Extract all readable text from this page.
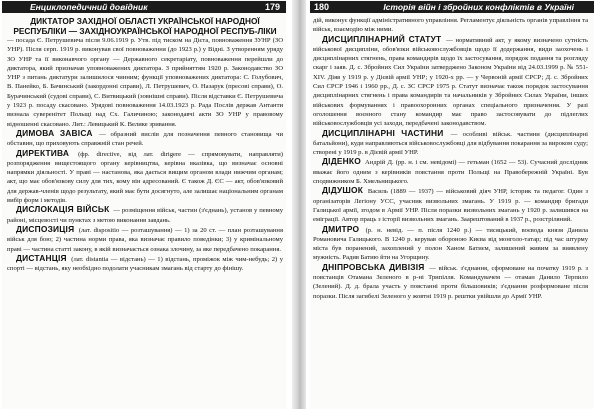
Енциклопедичний довідник	179
ДИКТАТОР ЗАХІДНОЇ ОБЛАСТІ УКРАЇНСЬКОЇ НАРОДНОЇ РЕСПУБЛІКИ — ЗАХІДНОУКРАЇНСЬКОЇ НАРОДНОЇ РЕСПУБ-ЛІКИ

— посада Є. Петрушевича після 9.06.1919 р. Утв. під тиском на Дієта, повноваження ЗУНР (ЗО УНР). Після серп. 1919 р. виконував свої повноваження (до 1923 р.) у Відні. З утворенням уряду ЗО УНР та її виконавчого органу — Державного секретаріату, повноваження перейшли до диктатора, який призначав уповноважених диктатора. З прийняттям 1920 р. Законодавство ЗО УНР з питань диктатури залишилося чинним; функції уповноважених диктатора: С. Голубович, В. Панейко, Б. Бачинський (закордонні справи), Л. Петрушевич, О. Назарук (пресові справи), О. Бурачинський (судові справи), С. Витвицький (зовнішні справи). Після відставки Є. Петрушевича у 1923 р. посаду скасовано. Урядові повноваження 14.03.1923 р. Рада Послів держав Антанти визнала суверенітет Польщі над Сх. Галичиною; законодавчі акти ЗО УНР у правовому відношенні скасовано. Лит.: Левицький К. Велике зривання.

ДИМОВА ЗАВІСА — образний вислів для позначення певного становища чи обставин, що приховують справжній стан речей.

ДИРЕКТИВА (фр. directive, від лат. dirigere — спрямовувати, направляти) розпорядження вищестоящого органу керівництва, керівна вказівка, що визначає основні напрямки діяльності. У праві — настанова, яка дається вищим органом влади нижчим органам; акт, що має обов'язкову силу для тих, кому він адресований. Є також Д. ЄС — акт, обов'язковий для держав-членів щодо результату, який має бути досягнуто, але залишає національним органам вибір форм і методів.

ДИСЛОКАЦІЯ ВІЙСЬК — розміщення військ, частин (з'єднань), установ у певному районі, місцевості чи пунктах з метою виконання завдань.

ДИСПОЗИЦІЯ (лат. dispositio — розташування) — 1) за 20 ст. — план розташування військ для бою; 2) частина норми права, яка визначає правило поведінки; 3) у кримінальному праві — частина статті закону, в якій визначається ознака злочину, за яке передбачено покарання.

ДИСТАНЦІЯ (лат. distantia — відстань) — 1) відстань, проміжок між чим-небудь; 2) у спорті — відстань, яку необхідно подолати учасникам змагань від старту до фінішу.

180	Історія війн і збройних конфліктів в Україні

дій, виконує функції адміністративного управління. Регламентує діяльність органів управління та військ, взаємодію між ними.

ДИСЦИПЛІНАРНИЙ СТАТУТ — нормативний акт, у якому визначено сутність військової дисципліни, обов'язки військовослужбовців щодо її додержання, види заохочень і дисциплінарних стягнень, права командирів щодо їх застосування, порядок подання та розгляду скарг і заяв. Д. с. Збройних Сил України затверджено Законом України від 24.03.1999 р. № 551-XIV. Діяв у 1919 р. у Дієвій армії УНР; у 1920-х рр. — у Червоній армії СРСР; Д. с. Збройних Сил СРСР 1946 і 1960 рр., Д. с. ЗС СРСР 1975 р. Статут визначає також порядок застосування дисциплінарних стягнень і права командирів та начальників у Збройних Силах України, інших військових формуваннях і правоохоронних органах спеціального призначення. У разі оголошення воєнного стану командир має право застосовувати до підлеглих військовослужбовців усі заходи, передбачені законодавством.

ДИСЦИПЛІНАРНІ ЧАСТИНИ — особливі військ. частини (дисциплінарні батальйони), куди направляються військовослужбовці для відбування покарання за вироком суду; створені у 1919 р. в Дієвій армії УНР.

ДІДЕНКО Андрій Д. (рр. н. і см. невідомі) — гетьман (1652 — 53). Сучасний дослідник вважає його одним з керівників повстання проти Польщі на Правобережній Україні. Був сподвижником Б. Хмельницького.

ДІДУШОК Василь (1889 — 1937) — військовий діяч УНР, історик та педагог. Один з організаторів Легіону УСС, учасник визвольних змагань. У 1919 р. — командир бригади Галицької армії, згодом в Армії УНР. Після поразки визвольних змагань у 1920 р. залишився на еміграції. Автор праць з історії визвольних змагань. Заарештований в 1937 р., розстріляний.

ДМИТРО (р. н. невід. — п. після 1240 р.) — тисяцький, воєвода князя Данила Романовича Галицького. В 1240 р. керував обороною Києва від монголо-татар; під час штурму міста був поранений, захоплений у полон Ханом Батиєм, залишений живим за виявлену мужність. Радив Батию йти на Угорщину.

ДНІПРОВСЬКА ДИВІЗІЯ — військ. з'єднання, сформоване на початку 1919 р. з повстанців Отамана Зеленого в р-ні Трипілля. Командувачем — отаман Данило Терпило (Зелений). Д. д. брала участь у повстанні проти більшовиків; з'єднання розформоване після поразки. Після загибелі Зеленого у жовтні 1919 р. рештки увійшли до Армії УНР.
